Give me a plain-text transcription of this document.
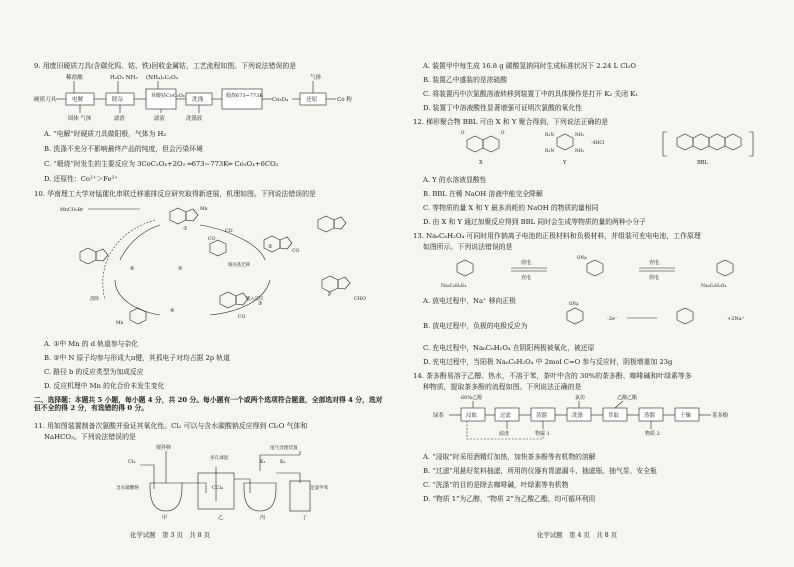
9. 用废旧硬质刀具(含碳化钨、钴、铁)回收金属钴，工艺流程如图。下列说法错误的是
稀盐酸	H₂O₂ NH₃ (NH₄)₂C₂O₄	气体
硬质刀具	电解	除杂
草酸钴CoC₂O₄
洗涤
煅烧673~773K
Co₃O₄	还原	Co 粉
固体 气体	滤渣	滤液	洗涤液
A. “电解”时硬质刀具做阳极，气体为 H₂
B. 洗涤不充分不影响最终产品的纯度，但会污染环境
C. “煅烧”时发生的主要反应为 3CoC₂O₄+2O₂ ═673~773K═ Co₃O₄+6CO₂
D. 还原性：Co²⁺＞Fe²⁺
10. 华南理工大学对锰催化串联迁移重排反应研究取得新进展，机理如图。下列说法错误的是
MnCO₅Br
①
②
③
④
⑤
⑥
CO
烯丙基迁移
插入反应
消除
P
CHO
Mn
CO
CO
CO
Mn
A. ①中 Mn 的 d 轨道参与杂化
B. ②中 N 原子均参与形成大π键，其孤电子对均占据 2p 轨道
C. 路径 b 的反应类型为加成反应
D. 反应机理中 Mn 的化合价未发生变化
二、选择题：本题共 5 小题，每小题 4 分，共 20 分。每小题有一个或两个选项符合题意，全部选对得 4 分，选对但不全的得 2 分，有选错的得 0 分。
11. 用如图装置制备次氯酸并验证其氧化性。Cl₂ 可以与含水碳酸钠反应得到 Cl₂O 气体和
NaHCO₃。下列说法错误的是
搅拌棒
Cl₂
含水碳酸钠
多孔球泡
CCl₄
K₁	K₂
尾气处理装置
足量甲苯
甲	乙	丙	丁
化学试题　第 3 页　共 8 页
A. 装置甲中每生成 16.8 g 碳酸氢钠同时生成标准状况下 2.24 L Cl₂O
B. 装置乙中盛装的是浓硫酸
C. 将装置丙中次氯酸溶液转移到装置丁中的具体操作是打开 K₂ 关闭 K₁
D. 装置丁中溶液酸性显著增强可证明次氯酸的氧化性
12. 梯形聚合物 BBL 可由 X 和 Y 聚合得到，下列说法正确的是
O	O	H₂N	NH₂
H₂N	NH₂
·4HCl
X	Y	BBL
A. Y 的水溶液显酸性
B. BBL 在稀 NaOH 溶液中能完全降解
C. 等物质的量 X 和 Y 最多消耗的 NaOH 的物质的量相同
D. 由 X 和 Y 通过加聚反应得到 BBL 同时会生成等物质的量的两种小分子
13. Na₆C₆H₂O₄ 可同时用作钠离子电池的正极材料和负极材料，并组装可充电电池，工作原理
如图所示。下列说法错误的是
放电
充电
充电
放电
Na₆C₆H₂O₄	Na₂C₆H₂O₄
ONa
A. 放电过程中，Na⁺ 移向正极
B. 放电过程中，负极的电极反应为
ONa
-2e⁻	+2Na⁺
C. 充电过程中，Na₆C₆H₂O₄ 在阴阳两极被氧化，被还原
D. 充电过程中，当阳极 Na₆C₆H₂O₄ 中 2mol C=O 参与反应时，阴极增重加 23g
14. 茶多酚易溶于乙醇、热水，不溶于苯，茶叶中含的 30%的茶多酚、咖啡碱和叶绿素等多
种物质，提取茶多酚的流程如图。下列说法正确的是
60%乙醇	氯仿	乙酸乙酯
绿茶	浸取	过滤	蒸馏	洗涤	萃取	蒸馏	干燥	茶多酚
滤渣	物质 1	物质 2
A. “浸取”时采用酒精灯加热，加快茶多酚等有机物的溶解
B. “过滤”用悬好浆料抽滤，所用的仪器有胃滤漏斗、抽滤瓶、抽气泵、安全瓶
C. “洗涤”的目的是除去咖啡碱，叶绿素等有机物
D. “物质 1”为乙醇，“物质 2”为乙酸乙酯，均可循环利用
化学试题　第 4 页　共 8 页
